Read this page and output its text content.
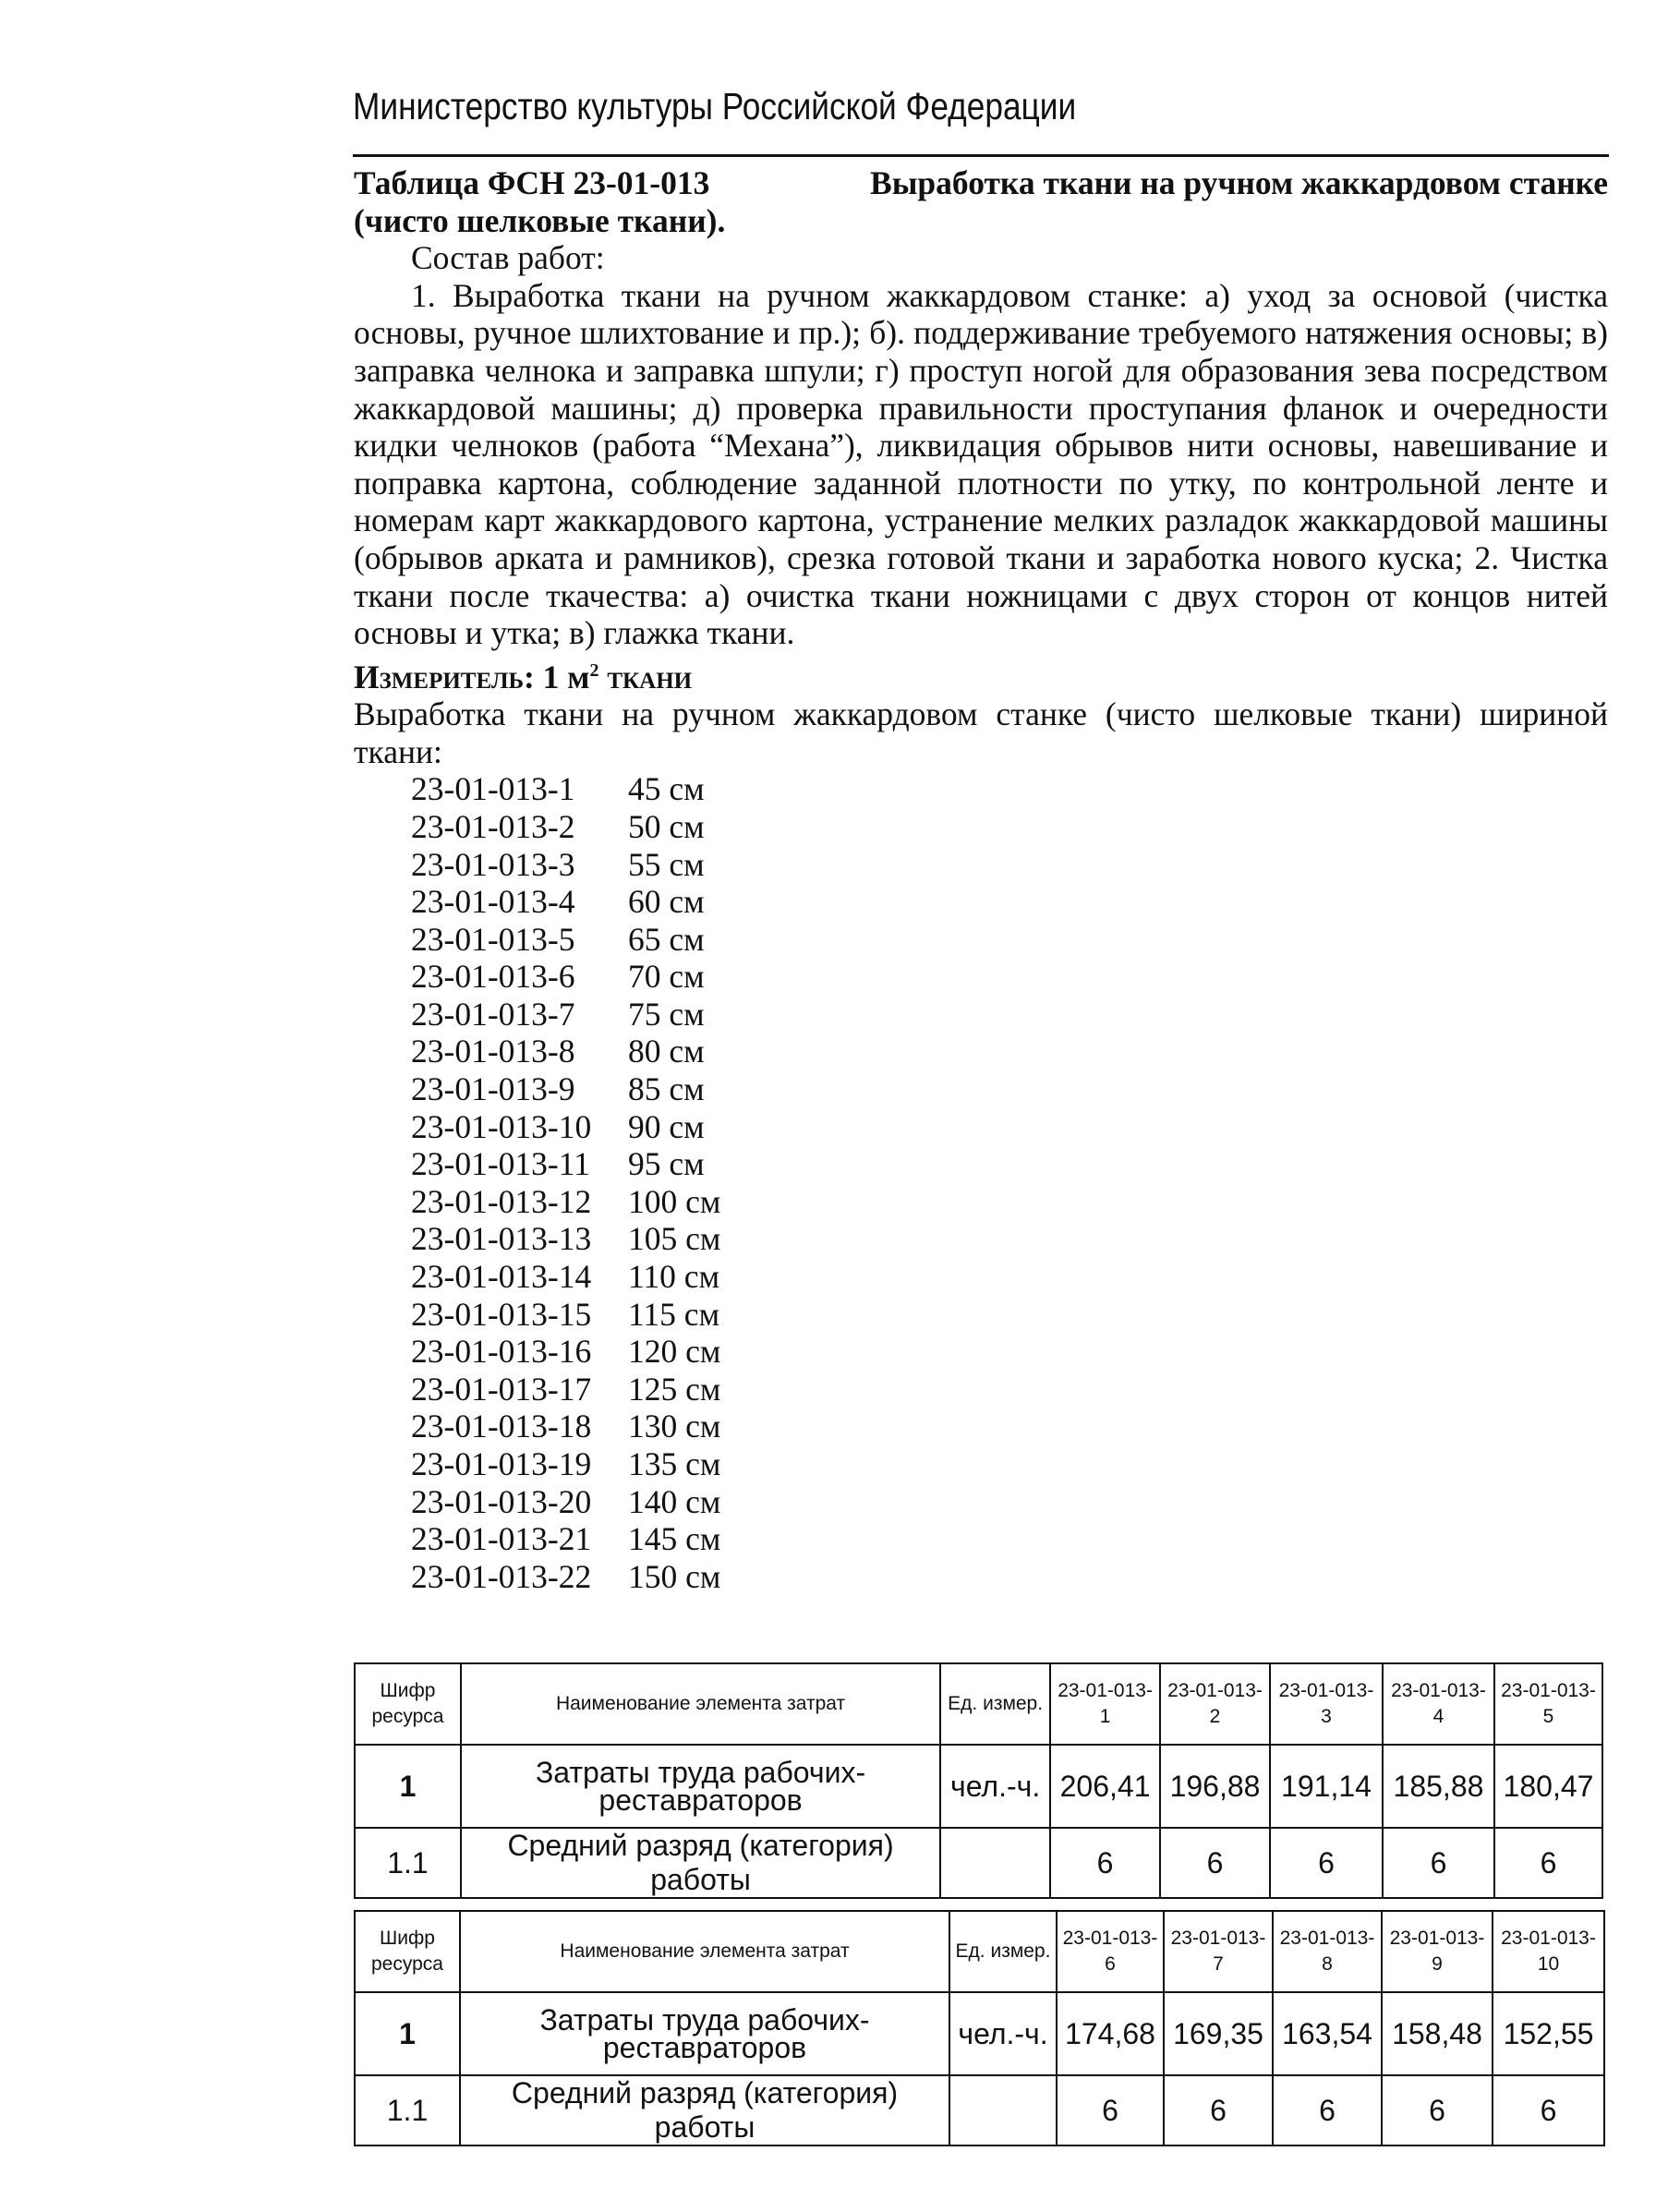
Министерство культуры Российской Федерации

Таблица ФСН 23-01-013	Выработка ткани на ручном жаккардовом станке

(чисто шелковые ткани).

Состав работ:

1. Выработка ткани на ручном жаккардовом станке: а) уход за основой (чистка основы, ручное шлихтование и пр.); б). поддерживание требуемого натяжения основы; в) заправка челнока и заправка шпули; г) проступ ногой для образования зева посредством жаккардовой машины; д) проверка правильности проступания фланок и очередности кидки челноков (работа “Механа”), ликвидация обрывов нити основы, навешивание и поправка картона, соблюдение заданной плотности по утку, по контрольной ленте и номерам карт жаккардового картона, устранение мелких разладок жаккардовой машины (обрывов арката и рамников), срезка готовой ткани и заработка нового куска; 2. Чистка ткани после ткачества: а) очистка ткани ножницами с двух сторон от концов нитей основы и утка; в) глажка ткани.

Измеритель: 1 $м^2$ ткани

Выработка ткани на ручном жаккардовом станке (чисто шелковые ткани) шириной ткани:

23-01-013-1 45 см
23-01-013-2 50 см
23-01-013-3 55 см
23-01-013-4 60 см
23-01-013-5 65 см
23-01-013-6 70 см
23-01-013-7 75 см
23-01-013-8 80 см
23-01-013-9 85 см
23-01-013-10 90 см
23-01-013-11 95 см
23-01-013-12 100 см
23-01-013-13 105 см
23-01-013-14 110 см
23-01-013-15 115 см
23-01-013-16 120 см
23-01-013-17 125 см
23-01-013-18 130 см
23-01-013-19 135 см
23-01-013-20 140 см
23-01-013-21 145 см
23-01-013-22 150 см
Шифр ресурса	Наименование элемента затрат	Ед. измер.	23-01-013-1	23-01-013-2	23-01-013-3	23-01-013-4	23-01-013-5
1	Затраты труда рабочих-реставраторов	чел.-ч.	206,41	196,88	191,14	185,88	180,47
1.1	Средний разряд (категория) работы		6	6	6	6	6
Шифр ресурса	Наименование элемента затрат	Ед. измер.	23-01-013-6	23-01-013-7	23-01-013-8	23-01-013-9	23-01-013-10
1	Затраты труда рабочих-реставраторов	чел.-ч.	174,68	169,35	163,54	158,48	152,55
1.1	Средний разряд (категория) работы		6	6	6	6	6
